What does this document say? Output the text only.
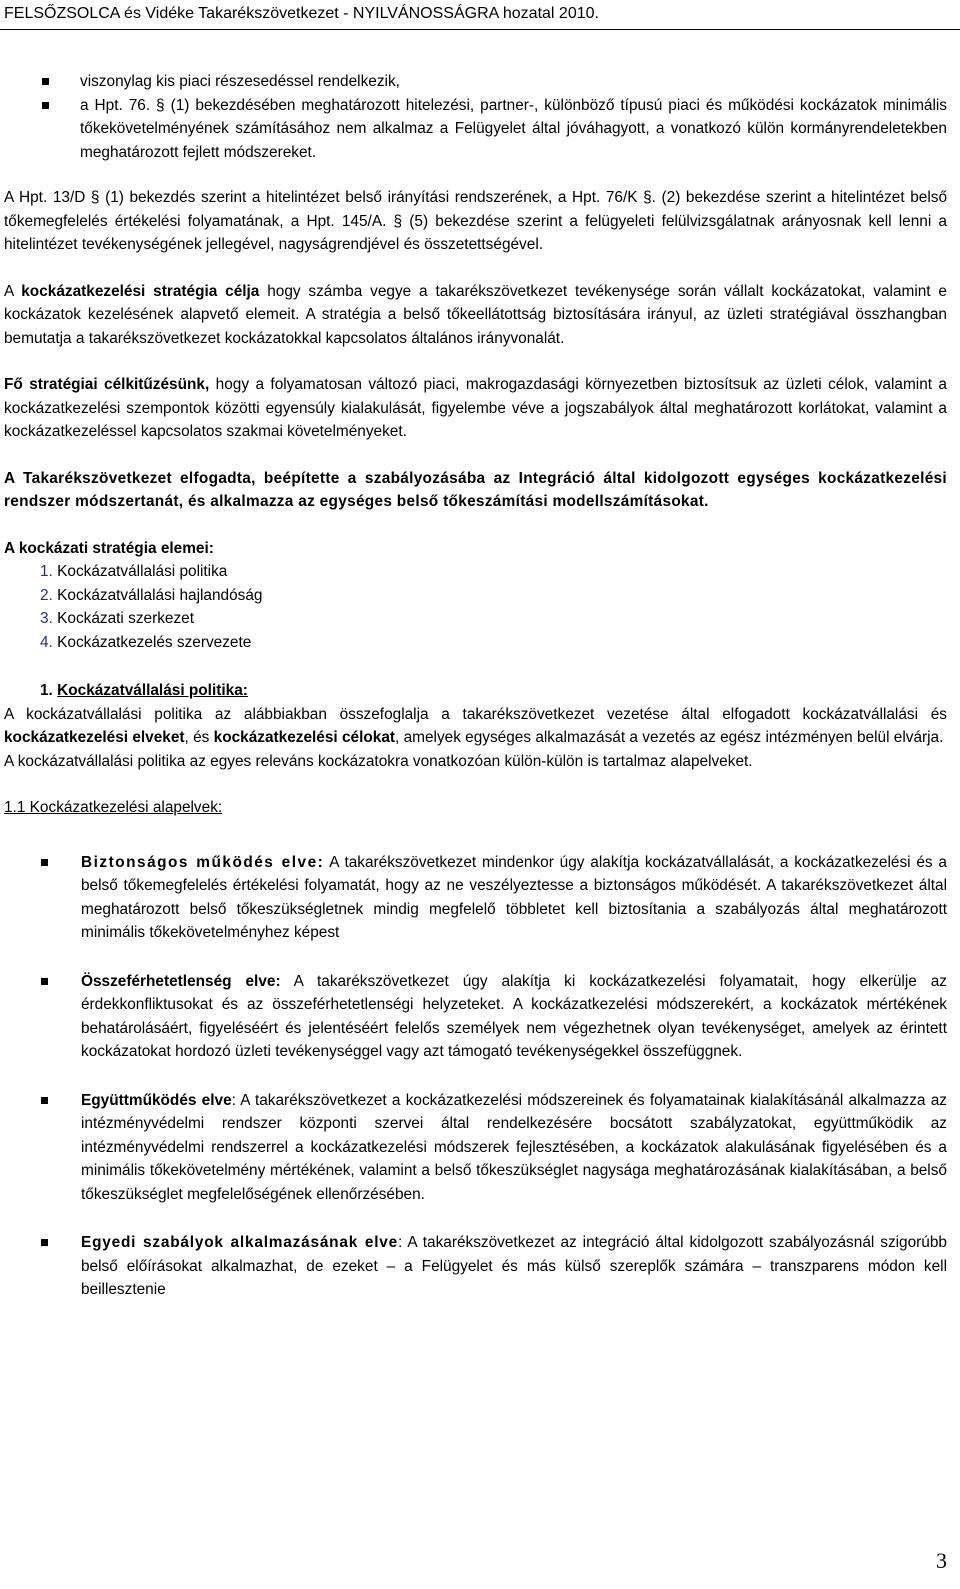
FELSŐZSOLCA és Vidéke Takarékszövetkezet - NYILVÁNOSSÁGRA hozatal 2010.
viszonylag kis piaci részesedéssel rendelkezik,
a Hpt. 76. § (1) bekezdésében meghatározott hitelezési, partner-, különböző típusú piaci és működési kockázatok minimális tőkekövetelményének számításához nem alkalmaz a Felügyelet által jóváhagyott, a vonatkozó külön kormányrendeletekben meghatározott fejlett módszereket.

A Hpt. 13/D § (1) bekezdés szerint a hitelintézet belső irányítási rendszerének, a Hpt. 76/K §. (2) bekezdése szerint a hitelintézet belső tőkemegfelelés értékelési folyamatának, a Hpt. 145/A. § (5) bekezdése szerint a felügyeleti felülvizsgálatnak arányosnak kell lenni a hitelintézet tevékenységének jellegével, nagyságrendjével és összetettségével.

A kockázatkezelési stratégia célja hogy számba vegye a takarékszövetkezet tevékenysége során vállalt kockázatokat, valamint e kockázatok kezelésének alapvető elemeit. A stratégia a belső tőkeellátottság biztosítására irányul, az üzleti stratégiával összhangban bemutatja a takarékszövetkezet kockázatokkal kapcsolatos általános irányvonalát.

Fő stratégiai célkitűzésünk, hogy a folyamatosan változó piaci, makrogazdasági környezetben biztosítsuk az üzleti célok, valamint a kockázatkezelési szempontok közötti egyensúly kialakulását, figyelembe véve a jogszabályok által meghatározott korlátokat, valamint a kockázatkezeléssel kapcsolatos szakmai követelményeket.

A Takarékszövetkezet elfogadta, beépítette a szabályozásába az Integráció által kidolgozott egységes kockázatkezelési rendszer módszertanát, és alkalmazza az egységes belső tőkeszámítási modellszámításokat.

A kockázati stratégia elemei:

1. Kockázatvállalási politika
2. Kockázatvállalási hajlandóság
3. Kockázati szerkezet
4. Kockázatkezelés szervezete

1. Kockázatvállalási politika:

A kockázatvállalási politika az alábbiakban összefoglalja a takarékszövetkezet vezetése által elfogadott kockázatvállalási és kockázatkezelési elveket, és kockázatkezelési célokat, amelyek egységes alkalmazását a vezetés az egész intézményen belül elvárja.

A kockázatvállalási politika az egyes releváns kockázatokra vonatkozóan külön-külön is tartalmaz alapelveket.

1.1 Kockázatkezelési alapelvek:

Biztonságos működés elve: A takarékszövetkezet mindenkor úgy alakítja kockázatvállalását, a kockázatkezelési és a belső tőkemegfelelés értékelési folyamatát, hogy az ne veszélyeztesse a biztonságos működését. A takarékszövetkezet által meghatározott belső tőkeszükségletnek mindig megfelelő többletet kell biztosítania a szabályozás által meghatározott minimális tőkekövetelményhez képest
Összeférhetetlenség elve: A takarékszövetkezet úgy alakítja ki kockázatkezelési folyamatait, hogy elkerülje az érdekkonfliktusokat és az összeférhetetlenségi helyzeteket. A kockázatkezelési módszerekért, a kockázatok mértékének behatárolásáért, figyeléséért és jelentéséért felelős személyek nem végezhetnek olyan tevékenységet, amelyek az érintett kockázatokat hordozó üzleti tevékenységgel vagy azt támogató tevékenységekkel összefüggnek.
Együttműködés elve: A takarékszövetkezet a kockázatkezelési módszereinek és folyamatainak kialakításánál alkalmazza az intézményvédelmi rendszer központi szervei által rendelkezésére bocsátott szabályzatokat, együttműködik az intézményvédelmi rendszerrel a kockázatkezelési módszerek fejlesztésében, a kockázatok alakulásának figyelésében és a minimális tőkekövetelmény mértékének, valamint a belső tőkeszükséglet nagysága meghatározásának kialakításában, a belső tőkeszükséglet megfelelőségének ellenőrzésében.
Egyedi szabályok alkalmazásának elve: A takarékszövetkezet az integráció által kidolgozott szabályozásnál szigorúbb belső előírásokat alkalmazhat, de ezeket – a Felügyelet és más külső szereplők számára – transzparens módon kell beillesztenie
3
